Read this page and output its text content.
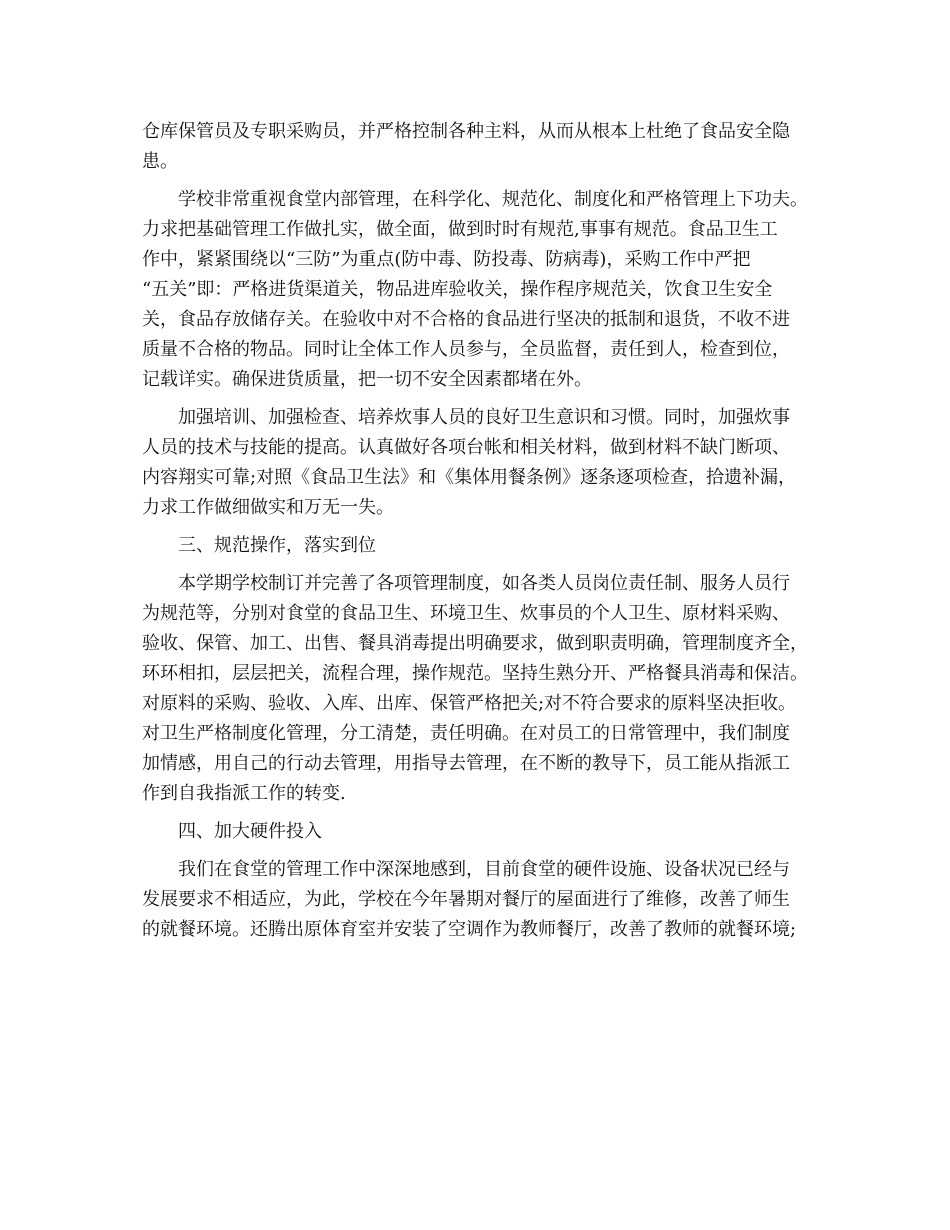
仓库保管员及专职采购员，并严格控制各种主料，从而从根本上杜绝了食品安全隐
患。
学校非常重视食堂内部管理，在科学化、规范化、制度化和严格管理上下功夫。
力求把基础管理工作做扎实，做全面，做到时时有规范,事事有规范。食品卫生工
作中，紧紧围绕以“三防”为重点(防中毒、防投毒、防病毒)，采购工作中严把
“五关”即：严格进货渠道关，物品进库验收关，操作程序规范关，饮食卫生安全
关，食品存放储存关。在验收中对不合格的食品进行坚决的抵制和退货，不收不进
质量不合格的物品。同时让全体工作人员参与，全员监督，责任到人，检查到位，
记载详实。确保进货质量，把一切不安全因素都堵在外。
加强培训、加强检查、培养炊事人员的良好卫生意识和习惯。同时，加强炊事
人员的技术与技能的提高。认真做好各项台帐和相关材料，做到材料不缺门断项、
内容翔实可靠;对照《食品卫生法》和《集体用餐条例》逐条逐项检查，拾遗补漏，
力求工作做细做实和万无一失。
三、规范操作，落实到位
本学期学校制订并完善了各项管理制度，如各类人员岗位责任制、服务人员行
为规范等，分别对食堂的食品卫生、环境卫生、炊事员的个人卫生、原材料采购、
验收、保管、加工、出售、餐具消毒提出明确要求，做到职责明确，管理制度齐全，
环环相扣，层层把关，流程合理，操作规范。坚持生熟分开、严格餐具消毒和保洁。
对原料的采购、验收、入库、出库、保管严格把关;对不符合要求的原料坚决拒收。
对卫生严格制度化管理，分工清楚，责任明确。在对员工的日常管理中，我们制度
加情感，用自己的行动去管理，用指导去管理，在不断的教导下，员工能从指派工
作到自我指派工作的转变.
四、加大硬件投入
我们在食堂的管理工作中深深地感到，目前食堂的硬件设施、设备状况已经与
发展要求不相适应，为此，学校在今年暑期对餐厅的屋面进行了维修，改善了师生
的就餐环境。还腾出原体育室并安装了空调作为教师餐厅，改善了教师的就餐环境;
